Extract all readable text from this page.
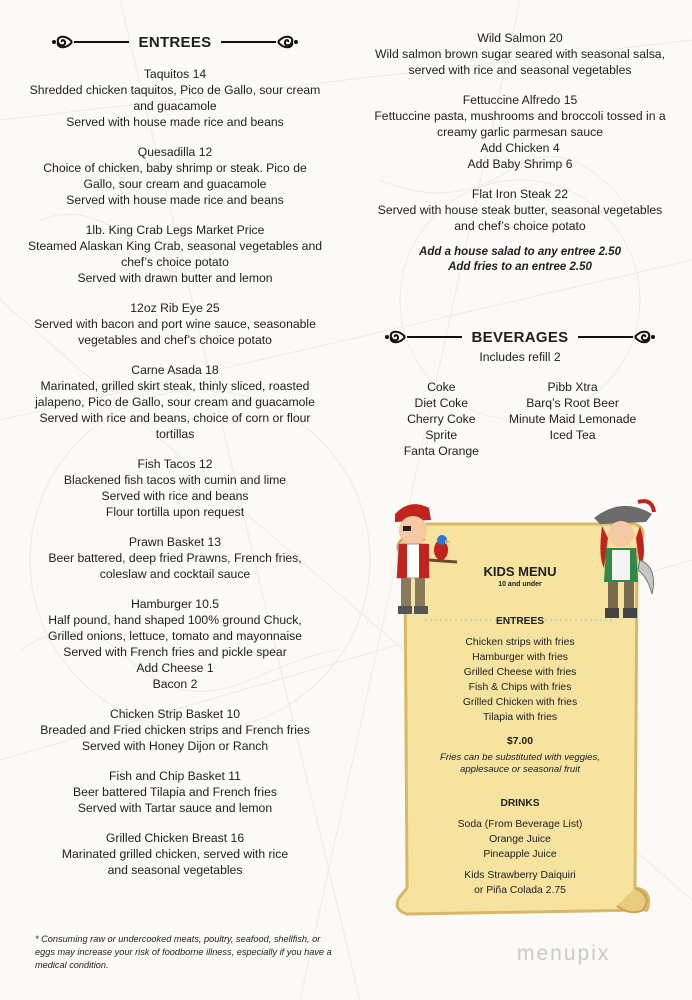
ENTREES
Taquitos 14
Shredded chicken taquitos, Pico de Gallo, sour cream
and guacamole
Served with house made rice and beans
Quesadilla 12
Choice of chicken, baby shrimp or steak. Pico de
Gallo, sour cream and guacamole
Served with house made rice and beans
1lb. King Crab Legs Market Price
Steamed Alaskan King Crab, seasonal vegetables and
chef’s choice potato
Served with drawn butter and lemon
12oz Rib Eye 25
Served with bacon and port wine sauce, seasonable
vegetables and chef’s choice potato
Carne Asada 18
Marinated, grilled skirt steak, thinly sliced, roasted
jalapeno, Pico de Gallo, sour cream and guacamole
Served with rice and beans, choice of corn or flour
tortillas
Fish Tacos 12
Blackened fish tacos with cumin and lime
Served with rice and beans
Flour tortilla upon request
Prawn Basket 13
Beer battered, deep fried Prawns, French fries,
coleslaw and cocktail sauce
Hamburger 10.5
Half pound, hand shaped 100% ground Chuck,
Grilled onions, lettuce, tomato and mayonnaise
Served with French fries and pickle spear
Add Cheese 1
Bacon 2
Chicken Strip Basket 10
Breaded and Fried chicken strips and French fries
Served with Honey Dijon or Ranch
Fish and Chip Basket 11
Beer battered Tilapia and French fries
Served with Tartar sauce and lemon
Grilled Chicken Breast 16
Marinated grilled chicken, served with rice
and seasonal vegetables
* Consuming raw or undercooked meats, poultry, seafood, shellfish, or eggs may increase your risk of foodborne illness, especially if you have a medical condition.
Wild Salmon 20
Wild salmon brown sugar seared with seasonal salsa,
served with rice and seasonal vegetables
Fettuccine Alfredo 15
Fettuccine pasta, mushrooms and broccoli tossed in a
creamy garlic parmesan sauce
Add Chicken 4
Add Baby Shrimp 6
Flat Iron Steak 22
Served with house steak butter, seasonal vegetables
and chef’s choice potato
Add a house salad to any entree 2.50
Add fries to an entree 2.50
BEVERAGES
Includes refill 2
Coke
Diet Coke
Cherry Coke
Sprite
Fanta Orange
Pibb Xtra
Barq’s Root Beer
Minute Maid Lemonade
Iced Tea
KIDS MENU
10 and under
ENTREES
Chicken strips with fries
Hamburger with fries
Grilled Cheese with fries
Fish & Chips with fries
Grilled Chicken with fries
Tilapia with fries
$7.00
Fries can be substituted with veggies, applesauce or seasonal fruit
DRINKS
Soda (From Beverage List)
Orange Juice
Pineapple Juice
Kids Strawberry Daiquiri
or Piña Colada 2.75
menupix
